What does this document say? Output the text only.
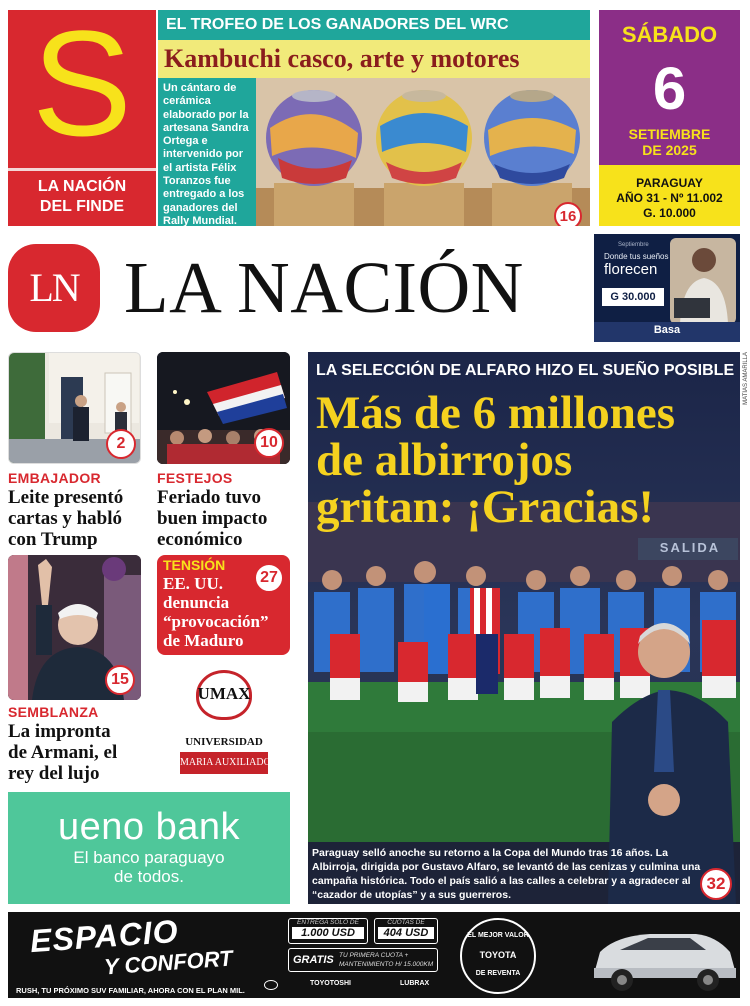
S
LA NACIÓN
DEL FINDE
EL TROFEO DE LOS GANADORES DEL WRC
Kambuchi casco, arte y motores
Un cántaro de cerámica elaborado por la artesana Sandra Ortega e intervenido por el artista Félix Toranzos fue entregado a los ganadores del Rally Mundial.	16
SÁBADO
6
SETIEMBRE
DE 2025
PARAGUAY
AÑO 31 - Nº 11.002
G. 10.000
LN LA NACIÓN
Septiembre
Donde tus sueños
florecen
G 30.000
Basa
2
EMBAJADOR
Leite presentó
cartas y habló
con Trump
10
FESTEJOS
Feriado tuvo
buen impacto
económico
TENSIÓN
27
EE. UU.
denuncia
“provocación”
de Maduro
15
SEMBLANZA
La impronta
de Armani, el
rey del lujo
UMAX
UNIVERSIDAD
MARIA AUXILIADORA
ueno bank
El banco paraguayo
de todos.
SALIDA
LA SELECCIÓN DE ALFARO HIZO EL SUEÑO POSIBLE
Más de 6 millones
de albirrojos
gritan: ¡Gracias!
Paraguay selló anoche su retorno a la Copa del Mundo tras 16 años. La Albirroja, dirigida por Gustavo Alfaro, se levantó de las cenizas y culmina una campaña histórica. Todo el país salió a las calles a celebrar y a agradecer al “cazador de utopías” y a sus guerreros.
32
MATÍAS AMARILLA
ESPACIO
Y CONFORT
RUSH, TU PRÓXIMO SUV FAMILIAR, AHORA CON EL PLAN MIL.
ENTREGA SÓLO DE
1.000 USD
CUOTAS DE
404 USD
GRATIS TU PRIMERA CUOTA +
MANTENIMIENTO H/ 15.000KM
TOYOTOSHI	LUBRAX
EL MEJOR VALOR
TOYOTA
DE REVENTA
